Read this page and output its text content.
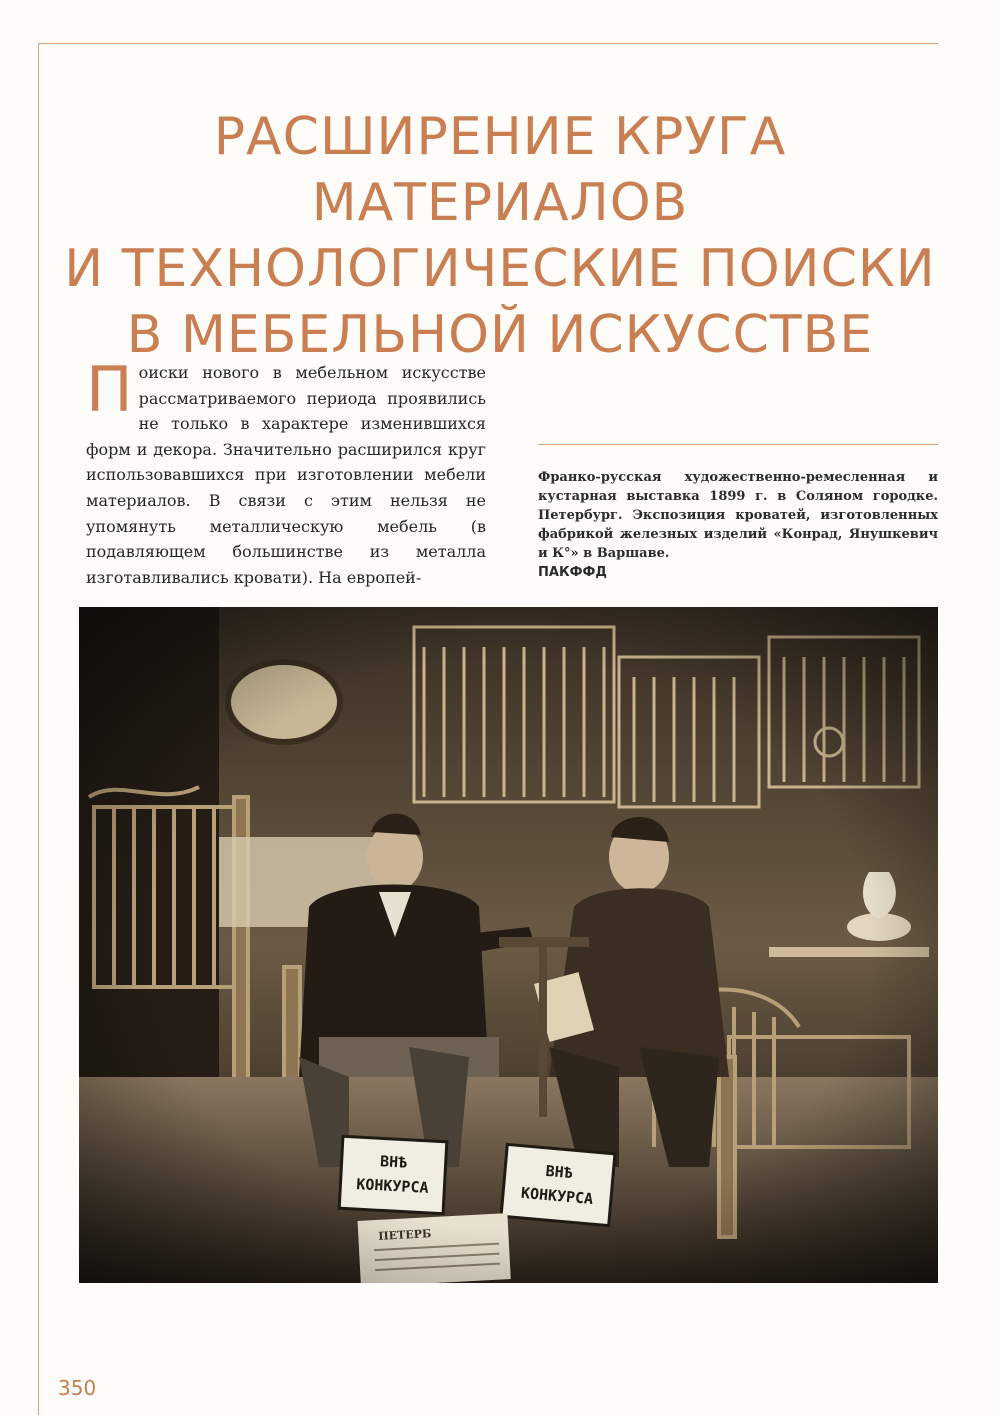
РАСШИРЕНИЕ КРУГА МАТЕРИАЛОВ
И ТЕХНОЛОГИЧЕСКИЕ ПОИСКИ
В МЕБЕЛЬНОЙ ИСКУССТВЕ

Поиски нового в мебельном искусстве рассматриваемого периода проявились не только в характере изменившихся форм и декора. Значительно расширился круг использовавшихся при изготовлении мебели материалов. В связи с этим нельзя не упомянуть металлическую мебель (в подавляющем большинстве из металла изготавливались кровати). На европей-

Франко-русская художественно-ремесленная и кустарная выставка 1899 г. в Соляном городке. Петербург. Экспозиция кроватей, изготовленных фабрикой железных изделий «Конрад, Янушкевич и К°» в Варшаве.
ПАКФФД

350
